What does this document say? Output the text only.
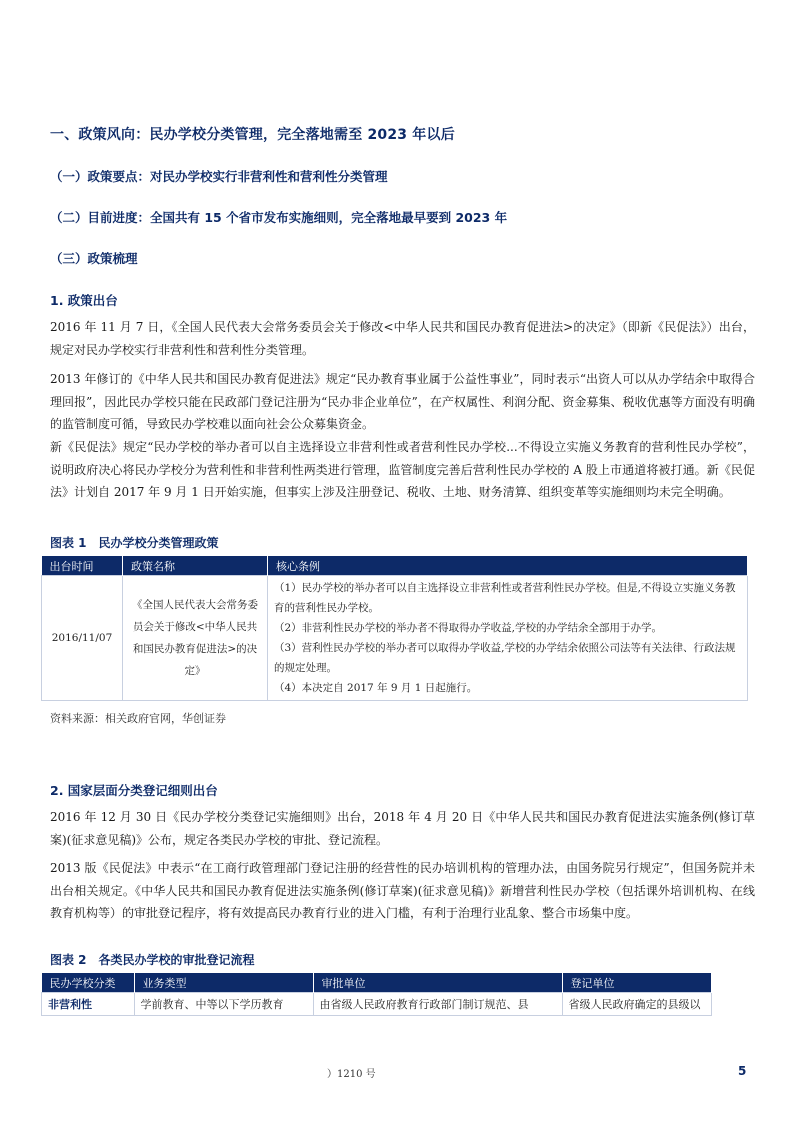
一、政策风向：民办学校分类管理，完全落地需至 2023 年以后
（一）政策要点：对民办学校实行非营利性和营利性分类管理
（二）目前进度：全国共有 15 个省市发布实施细则，完全落地最早要到 2023 年
（三）政策梳理
1. 政策出台

2016 年 11 月 7 日，《全国人民代表大会常务委员会关于修改<中华人民共和国民办教育促进法>的决定》（即新《民促法》）出台，规定对民办学校实行非营利性和营利性分类管理。

2013 年修订的《中华人民共和国民办教育促进法》规定“民办教育事业属于公益性事业”，同时表示“出资人可以从办学结余中取得合理回报”，因此民办学校只能在民政部门登记注册为“民办非企业单位”，在产权属性、利润分配、资金募集、税收优惠等方面没有明确的监管制度可循，导致民办学校难以面向社会公众募集资金。

新《民促法》规定“民办学校的举办者可以自主选择设立非营利性或者营利性民办学校...不得设立实施义务教育的营利性民办学校”，说明政府决心将民办学校分为营利性和非营利性两类进行管理，监管制度完善后营利性民办学校的 A 股上市通道将被打通。新《民促法》计划自 2017 年 9 月 1 日开始实施，但事实上涉及注册登记、税收、土地、财务清算、组织变革等实施细则均未完全明确。

图表 1　民办学校分类管理政策
出台时间	政策名称	核心条例
2016/11/07	《全国人民代表大会常务委员会关于修改<中华人民共和国民办教育促进法>的决定》	（1）民办学校的举办者可以自主选择设立非营利性或者营利性民办学校。但是,不得设立实施义务教育的营利性民办学校。
（2）非营利性民办学校的举办者不得取得办学收益,学校的办学结余全部用于办学。
（3）营利性民办学校的举办者可以取得办学收益,学校的办学结余依照公司法等有关法律、行政法规的规定处理。
（4）本决定自 2017 年 9 月 1 日起施行。
资料来源：相关政府官网，华创证券
2. 国家层面分类登记细则出台

2016 年 12 月 30 日《民办学校分类登记实施细则》出台，2018 年 4 月 20 日《中华人民共和国民办教育促进法实施条例(修订草案)(征求意见稿)》公布，规定各类民办学校的审批、登记流程。

2013 版《民促法》中表示“在工商行政管理部门登记注册的经营性的民办培训机构的管理办法，由国务院另行规定”，但国务院并未出台相关规定。《中华人民共和国民办教育促进法实施条例(修订草案)(征求意见稿)》新增营利性民办学校（包括课外培训机构、在线教育机构等）的审批登记程序，将有效提高民办教育行业的进入门槛，有利于治理行业乱象、整合市场集中度。

图表 2　各类民办学校的审批登记流程
民办学校分类	业务类型	审批单位	登记单位
非营利性	学前教育、中等以下学历教育	由省级人民政府教育行政部门制订规范、县	省级人民政府确定的县级以
）1210 号	5
